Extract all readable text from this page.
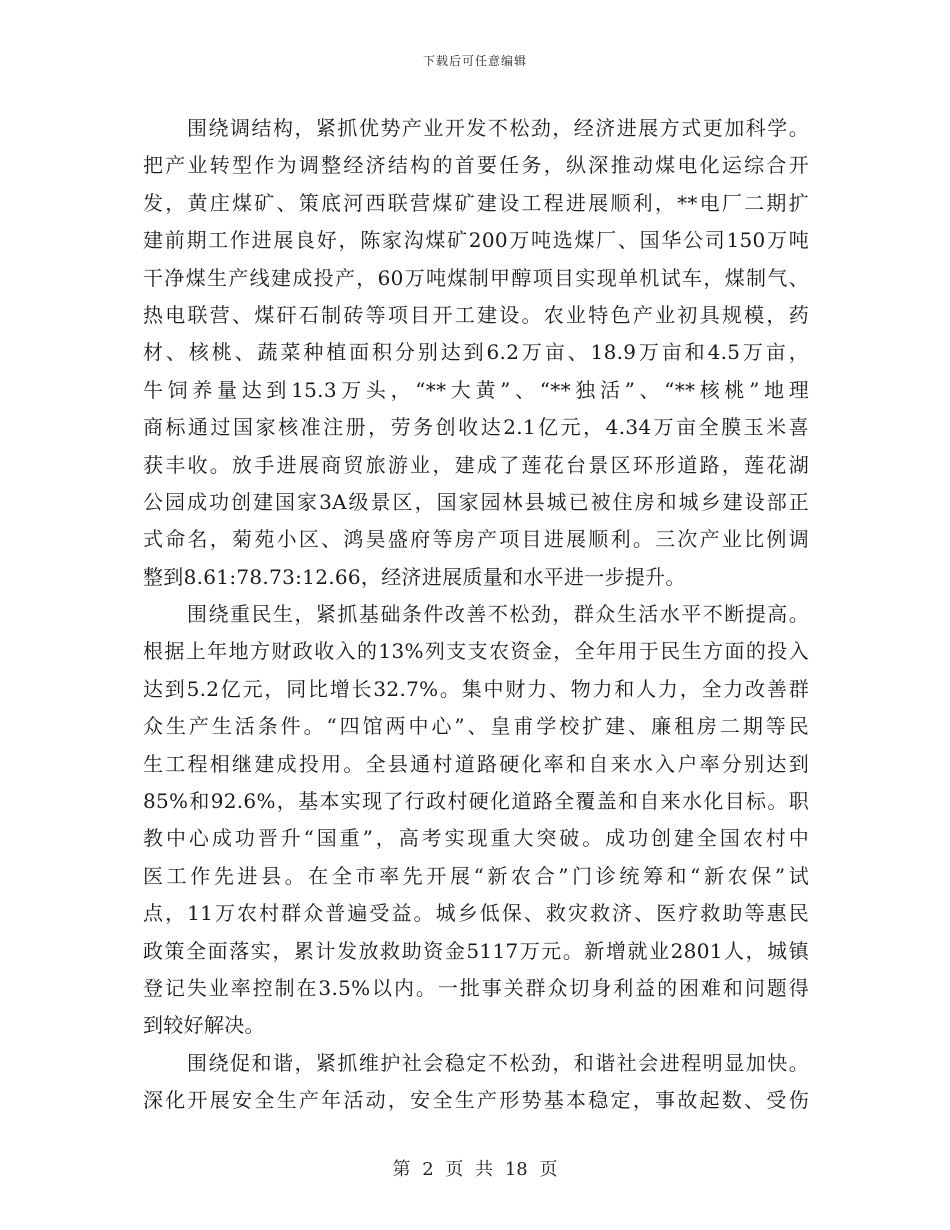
下载后可任意编辑
围绕调结构，紧抓优势产业开发不松劲，经济进展方式更加科学。
把产业转型作为调整经济结构的首要任务，纵深推动煤电化运综合开
发，黄庄煤矿、策底河西联营煤矿建设工程进展顺利，**电厂二期扩
建前期工作进展良好，陈家沟煤矿200万吨选煤厂、国华公司150万吨
干净煤生产线建成投产，60万吨煤制甲醇项目实现单机试车，煤制气、
热电联营、煤矸石制砖等项目开工建设。农业特色产业初具规模，药
材、核桃、蔬菜种植面积分别达到6.2万亩、18.9万亩和4.5万亩，
牛饲养量达到15.3万头，“**大黄”、“**独活”、“**核桃”地理
商标通过国家核准注册，劳务创收达2.1亿元，4.34万亩全膜玉米喜
获丰收。放手进展商贸旅游业，建成了莲花台景区环形道路，莲花湖
公园成功创建国家3A级景区，国家园林县城已被住房和城乡建设部正
式命名，菊苑小区、鸿昊盛府等房产项目进展顺利。三次产业比例调
整到8.61:78.73:12.66，经济进展质量和水平进一步提升。
围绕重民生，紧抓基础条件改善不松劲，群众生活水平不断提高。
根据上年地方财政收入的13%列支支农资金，全年用于民生方面的投入
达到5.2亿元，同比增长32.7%。集中财力、物力和人力，全力改善群
众生产生活条件。“四馆两中心”、皇甫学校扩建、廉租房二期等民
生工程相继建成投用。全县通村道路硬化率和自来水入户率分别达到
85%和92.6%，基本实现了行政村硬化道路全覆盖和自来水化目标。职
教中心成功晋升“国重”，高考实现重大突破。成功创建全国农村中
医工作先进县。在全市率先开展“新农合”门诊统筹和“新农保”试
点，11万农村群众普遍受益。城乡低保、救灾救济、医疗救助等惠民
政策全面落实，累计发放救助资金5117万元。新增就业2801人，城镇
登记失业率控制在3.5%以内。一批事关群众切身利益的困难和问题得
到较好解决。
围绕促和谐，紧抓维护社会稳定不松劲，和谐社会进程明显加快。
深化开展安全生产年活动，安全生产形势基本稳定，事故起数、受伤
第 2 页 共 18 页
